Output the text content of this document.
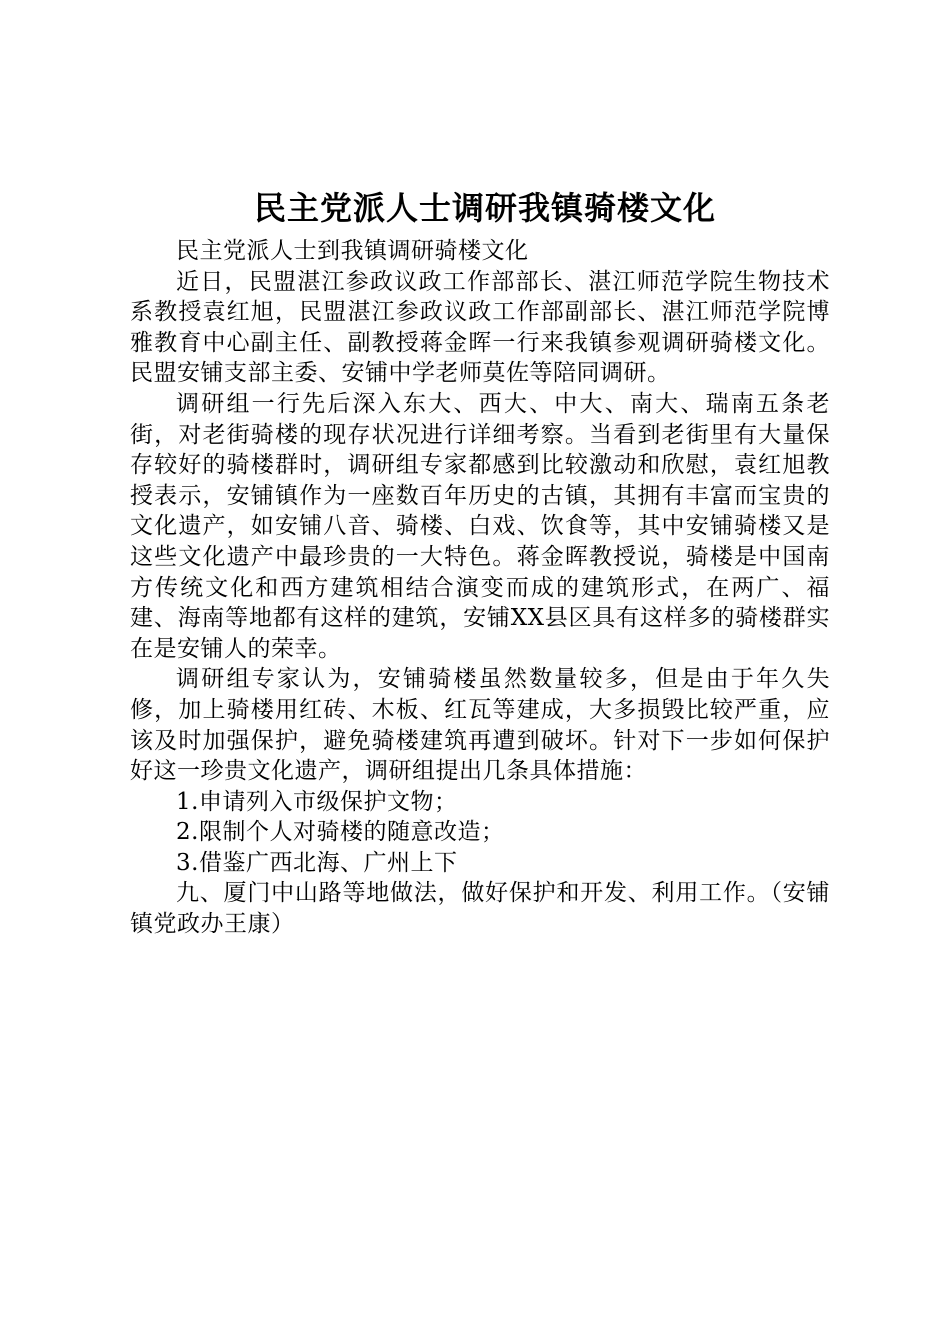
民主党派人士调研我镇骑楼文化

民主党派人士到我镇调研骑楼文化

近日，民盟湛江参政议政工作部部长、湛江师范学院生物技术系教授袁红旭，民盟湛江参政议政工作部副部长、湛江师范学院博雅教育中心副主任、副教授蒋金晖一行来我镇参观调研骑楼文化。民盟安铺支部主委、安铺中学老师莫佐等陪同调研。

调研组一行先后深入东大、西大、中大、南大、瑞南五条老街，对老街骑楼的现存状况进行详细考察。当看到老街里有大量保存较好的骑楼群时，调研组专家都感到比较激动和欣慰，袁红旭教授表示，安铺镇作为一座数百年历史的古镇，其拥有丰富而宝贵的文化遗产，如安铺八音、骑楼、白戏、饮食等，其中安铺骑楼又是这些文化遗产中最珍贵的一大特色。蒋金晖教授说，骑楼是中国南方传统文化和西方建筑相结合演变而成的建筑形式，在两广、福建、海南等地都有这样的建筑，安铺XX县区具有这样多的骑楼群实在是安铺人的荣幸。

调研组专家认为，安铺骑楼虽然数量较多，但是由于年久失修，加上骑楼用红砖、木板、红瓦等建成，大多损毁比较严重，应该及时加强保护，避免骑楼建筑再遭到破坏。针对下一步如何保护好这一珍贵文化遗产，调研组提出几条具体措施：

1.申请列入市级保护文物；

2.限制个人对骑楼的随意改造；

3.借鉴广西北海、广州上下

九、厦门中山路等地做法，做好保护和开发、利用工作。（安铺镇党政办王康）
